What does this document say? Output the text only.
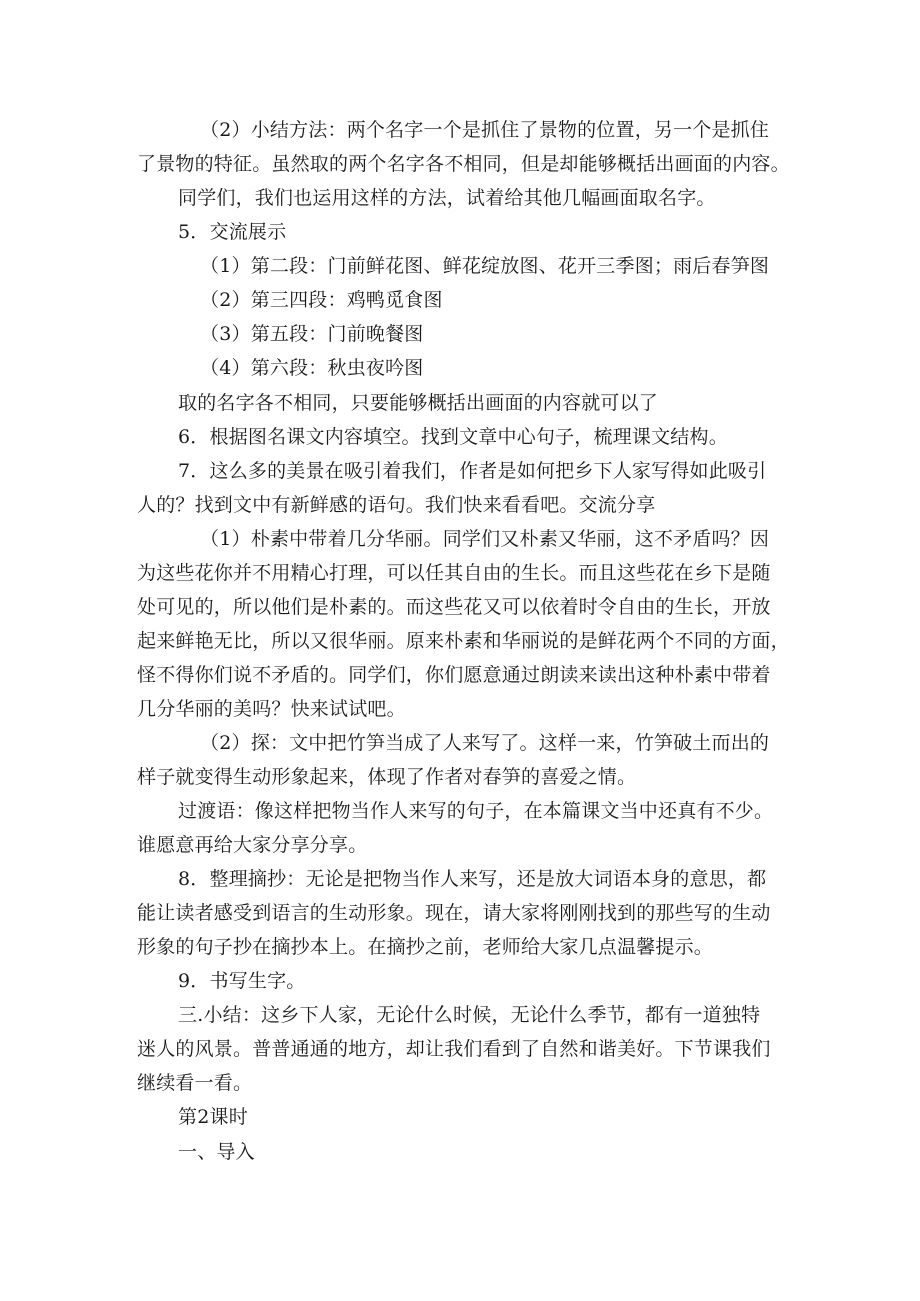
（2）小结方法：两个名字一个是抓住了景物的位置，另一个是抓住

了景物的特征。虽然取的两个名字各不相同，但是却能够概括出画面的内容。

同学们，我们也运用这样的方法，试着给其他几幅画面取名字。

5．交流展示

（1）第二段：门前鲜花图、鲜花绽放图、花开三季图；雨后春笋图

（2）第三四段：鸡鸭觅食图

（3）第五段：门前晚餐图

（4）第六段：秋虫夜吟图

取的名字各不相同，只要能够概括出画面的内容就可以了

6．根据图名课文内容填空。找到文章中心句子，梳理课文结构。

7．这么多的美景在吸引着我们，作者是如何把乡下人家写得如此吸引

人的？找到文中有新鲜感的语句。我们快来看看吧。交流分享

（1）朴素中带着几分华丽。同学们又朴素又华丽，这不矛盾吗？因

为这些花你并不用精心打理，可以任其自由的生长。而且这些花在乡下是随

处可见的，所以他们是朴素的。而这些花又可以依着时令自由的生长，开放

起来鲜艳无比，所以又很华丽。原来朴素和华丽说的是鲜花两个不同的方面，

怪不得你们说不矛盾的。同学们，你们愿意通过朗读来读出这种朴素中带着

几分华丽的美吗？快来试试吧。

（2）探：文中把竹笋当成了人来写了。这样一来，竹笋破土而出的

样子就变得生动形象起来，体现了作者对春笋的喜爱之情。

过渡语：像这样把物当作人来写的句子，在本篇课文当中还真有不少。

谁愿意再给大家分享分享。

8．整理摘抄：无论是把物当作人来写，还是放大词语本身的意思，都

能让读者感受到语言的生动形象。现在，请大家将刚刚找到的那些写的生动

形象的句子抄在摘抄本上。在摘抄之前，老师给大家几点温馨提示。

9．书写生字。

三.小结：这乡下人家，无论什么时候，无论什么季节，都有一道独特

迷人的风景。普普通通的地方，却让我们看到了自然和谐美好。下节课我们

继续看一看。

第2课时

一、导入
